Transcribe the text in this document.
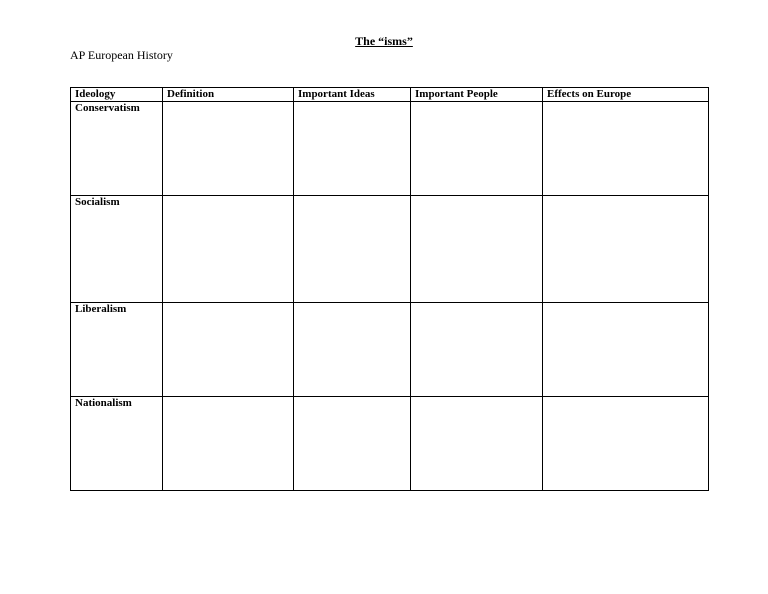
The “isms”
AP European History
Ideology	Definition	Important Ideas	Important People	Effects on Europe
Conservatism				
Socialism				
Liberalism				
Nationalism				
